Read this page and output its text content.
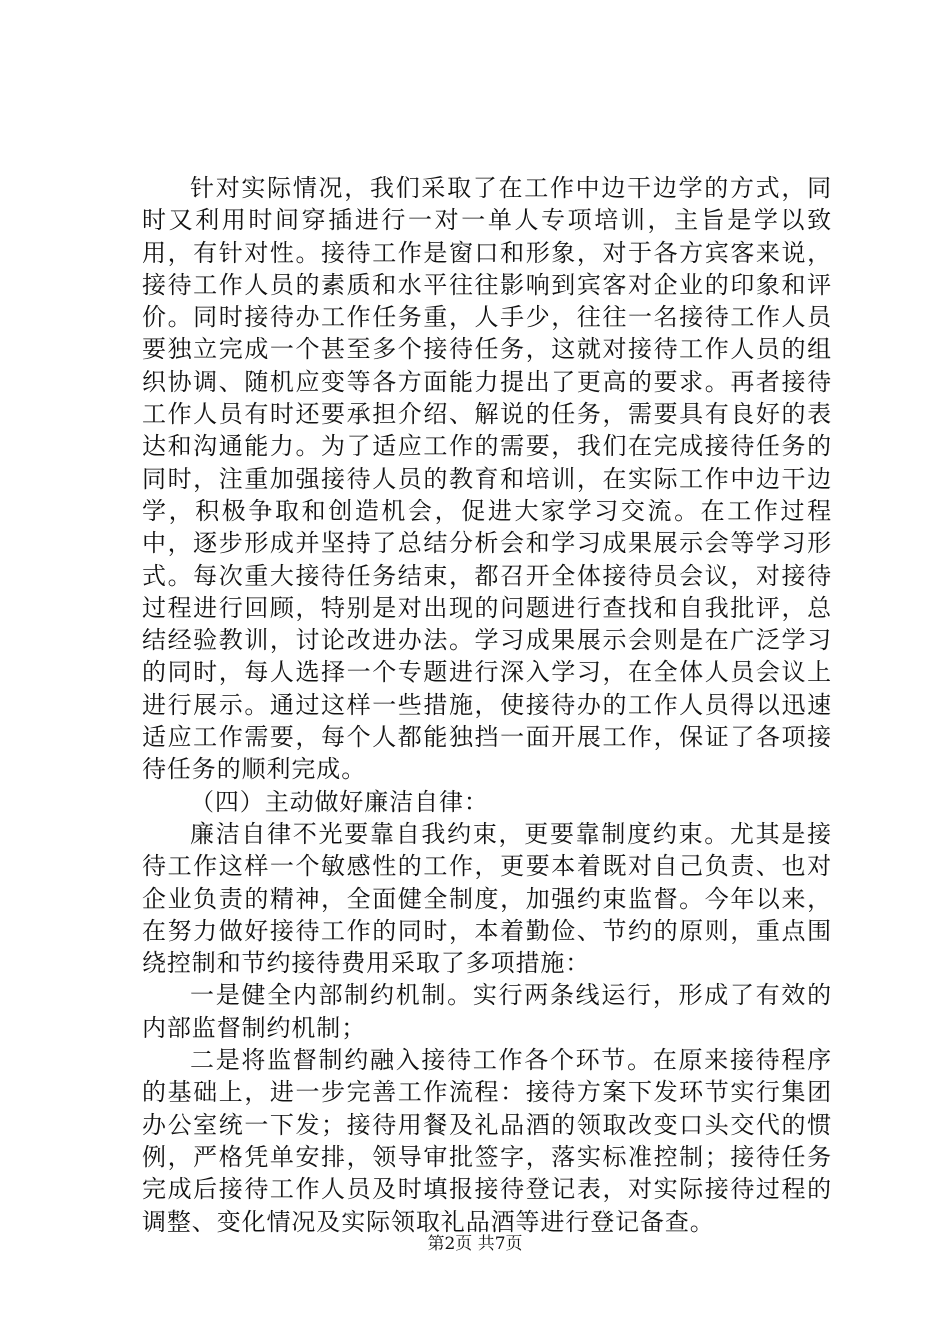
针对实际情况，我们采取了在工作中边干边学的方式，同时又利用时间穿插进行一对一单人专项培训，主旨是学以致用，有针对性。接待工作是窗口和形象，对于各方宾客来说，接待工作人员的素质和水平往往影响到宾客对企业的印象和评价。同时接待办工作任务重，人手少，往往一名接待工作人员要独立完成一个甚至多个接待任务，这就对接待工作人员的组织协调、随机应变等各方面能力提出了更高的要求。再者接待工作人员有时还要承担介绍、解说的任务，需要具有良好的表达和沟通能力。为了适应工作的需要，我们在完成接待任务的同时，注重加强接待人员的教育和培训，在实际工作中边干边学，积极争取和创造机会，促进大家学习交流。在工作过程中，逐步形成并坚持了总结分析会和学习成果展示会等学习形式。每次重大接待任务结束，都召开全体接待员会议，对接待过程进行回顾，特别是对出现的问题进行查找和自我批评，总结经验教训，讨论改进办法。学习成果展示会则是在广泛学习的同时，每人选择一个专题进行深入学习，在全体人员会议上进行展示。通过这样一些措施，使接待办的工作人员得以迅速适应工作需要，每个人都能独挡一面开展工作，保证了各项接待任务的顺利完成。

（四）主动做好廉洁自律：

廉洁自律不光要靠自我约束，更要靠制度约束。尤其是接待工作这样一个敏感性的工作，更要本着既对自己负责、也对企业负责的精神，全面健全制度，加强约束监督。今年以来，在努力做好接待工作的同时，本着勤俭、节约的原则，重点围绕控制和节约接待费用采取了多项措施：

一是健全内部制约机制。实行两条线运行，形成了有效的内部监督制约机制；

二是将监督制约融入接待工作各个环节。在原来接待程序的基础上，进一步完善工作流程：接待方案下发环节实行集团办公室统一下发；接待用餐及礼品酒的领取改变口头交代的惯例，严格凭单安排，领导审批签字，落实标准控制；接待任务完成后接待工作人员及时填报接待登记表，对实际接待过程的调整、变化情况及实际领取礼品酒等进行登记备查。

第2页 共7页
